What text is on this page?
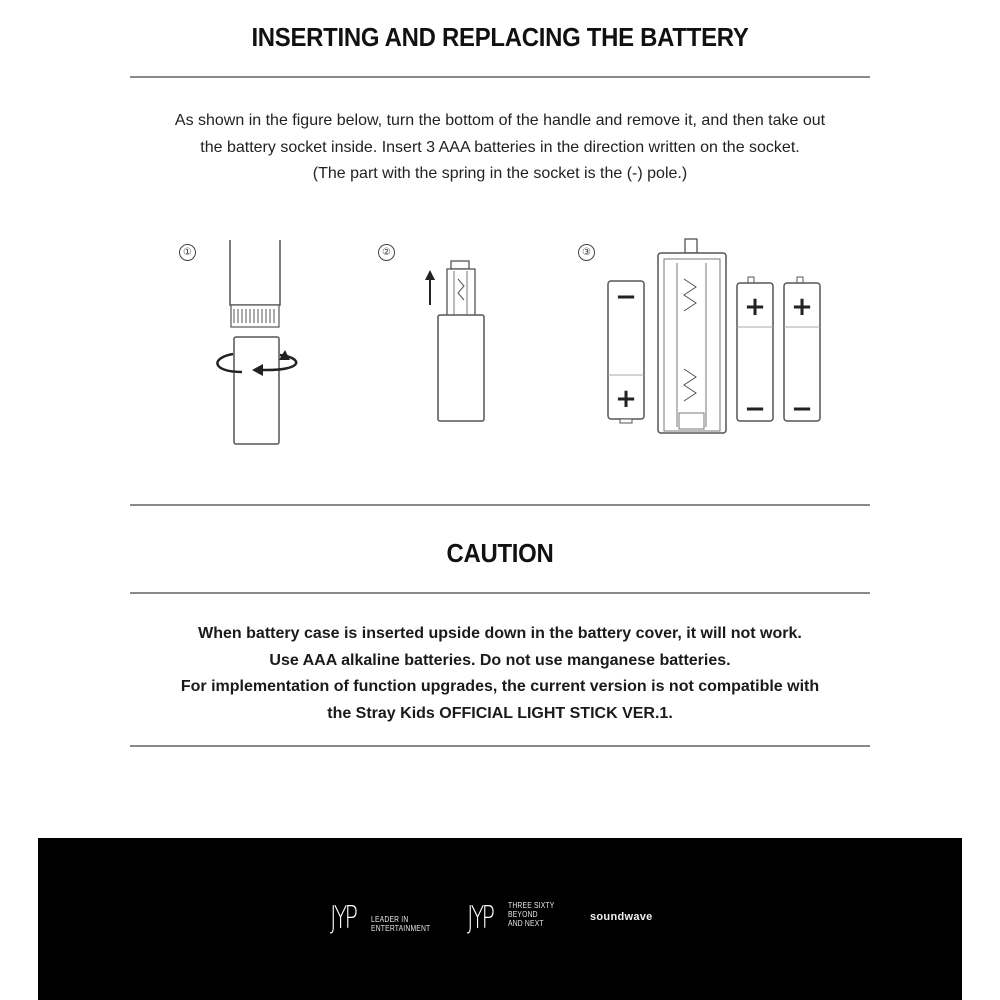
INSERTING AND REPLACING THE BATTERY

As shown in the figure below, turn the bottom of the handle and remove it, and then take out
the battery socket inside. Insert 3 AAA batteries in the direction written on the socket.
(The part with the spring in the socket is the (-) pole.)

①	②	③
−
+
+
−
+
−
CAUTION

When battery case is inserted upside down in the battery cover, it will not work.
Use AAA alkaline batteries. Do not use manganese batteries.
For implementation of function upgrades, the current version is not compatible with
the Stray Kids OFFICIAL LIGHT STICK VER.1.

JYP LEADER IN
ENTERTAINMENT JYP THREE SIXTY
BEYOND
AND NEXT
soundwave
